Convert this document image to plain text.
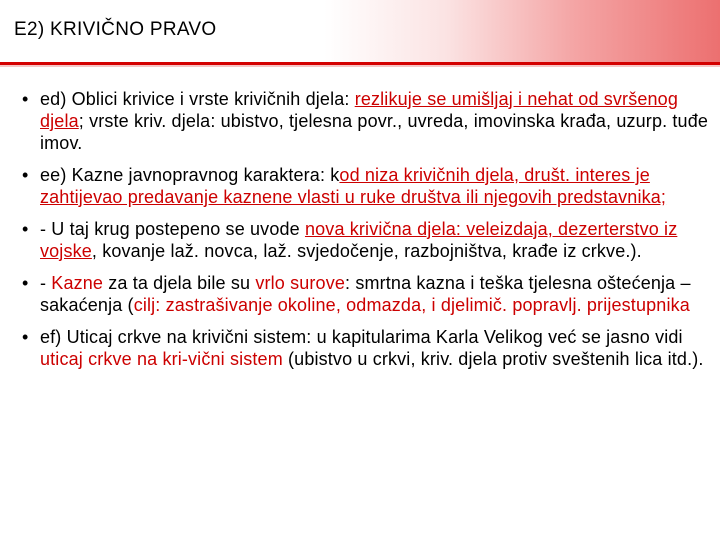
E2) KRIVIČNO PRAVO
• ed) Oblici krivice i vrste krivičnih djela: rezlikuje se umišljaj i nehat od svršenog djela; vrste kriv. djela: ubistvo, tjelesna povr., uvreda, imovinska krađa, uzurp. tuđe imov.
• ee) Kazne javnopravnog karaktera: kod niza krivičnih djela, društ. interes je zahtijevao predavanje kaznene vlasti u ruke društva ili njegovih predstavnika;
• - U taj krug postepeno se uvode nova krivična djela: veleizdaja, dezerterstvo iz vojske, kovanje laž. novca, laž. svjedočenje, razbojništva, krađe iz crkve.).
• - Kazne za ta djela bile su vrlo surove: smrtna kazna i teška tjelesna oštećenja – sakaćenja (cilj: zastrašivanje okoline, odmazda, i djelimič. popravlj. prijestupnika
• ef) Uticaj crkve na krivični sistem: u kapitularima Karla Velikog već se jasno vidi uticaj crkve na kri-vični sistem (ubistvo u crkvi, kriv. djela protiv sveštenih lica itd.).
